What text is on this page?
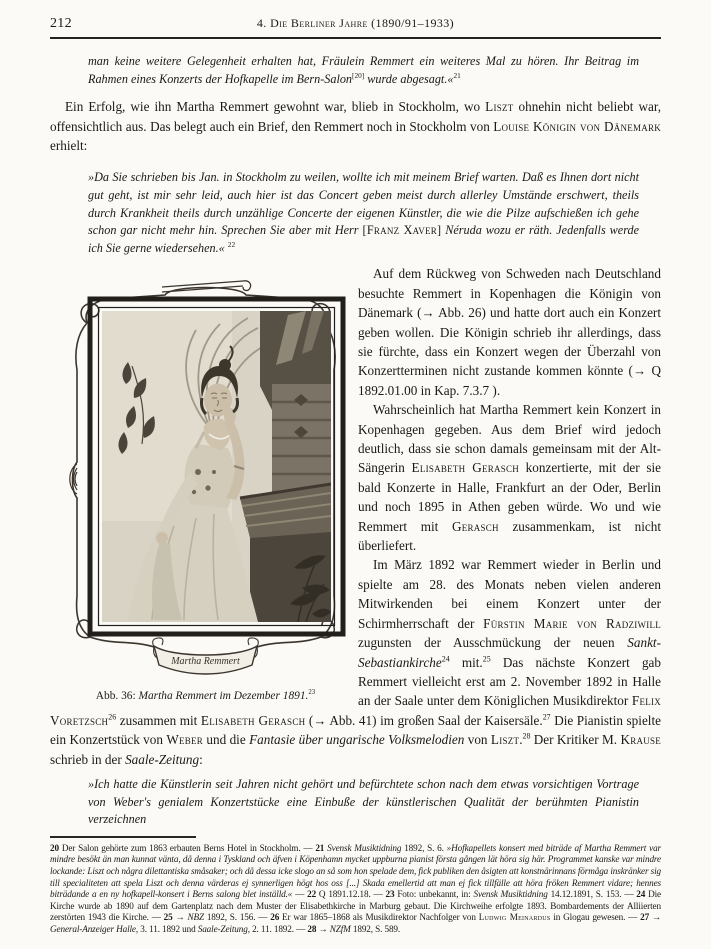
212	4. Die Berliner Jahre (1890/91–1933)

man keine weitere Gelegenheit erhalten hat, Fräulein Remmert ein weiteres Mal zu hören. Ihr Beitrag im Rahmen eines Konzerts der Hofkapelle im Bern-Salon[20] wurde abgesagt.«$^{21}$

Ein Erfolg, wie ihn Martha Remmert gewohnt war, blieb in Stockholm, wo Liszt ohnehin nicht beliebt war, offensichtlich aus. Das belegt auch ein Brief, den Remmert noch in Stockholm von Louise Königin von Dänemark erhielt:

»Da Sie schrieben bis Jan. in Stockholm zu weilen, wollte ich mit meinem Brief warten. Daß es Ihnen dort nicht gut geht, ist mir sehr leid, auch hier ist das Concert geben meist durch allerley Umstände erschwert, theils durch Krankheit theils durch unzählige Concerte der eigenen Künstler, die wie die Pilze aufschießen ich gehe schon gar nicht mehr hin. Sprechen Sie aber mit Herr [Franz Xaver] Néruda wozu er räth. Jedenfalls werde ich Sie gerne wiedersehen.« $^{22}$

Martha Remmert
Abb. 36: Martha Remmert im Dezember 1891.23

Auf dem Rückweg von Schweden nach Deutschland besuchte Remmert in Kopenhagen die Königin von Dänemark (→ Abb. 26) und hatte dort auch ein Konzert geben wollen. Die Königin schrieb ihr allerdings, dass sie fürchte, dass ein Konzert wegen der Überzahl von Konzertterminen nicht zustande kommen könnte (→ Q 1892.01.00 in Kap. 7.3.7 ).

Wahrscheinlich hat Martha Remmert kein Konzert in Kopenhagen gegeben. Aus dem Brief wird jedoch deutlich, dass sie schon damals gemeinsam mit der Alt-Sängerin Elisabeth Gerasch konzertierte, mit der sie bald Konzerte in Halle, Frankfurt an der Oder, Berlin und noch 1895 in Athen geben würde. Wo und wie Remmert mit Gerasch zusammenkam, ist nicht überliefert.

Im März 1892 war Remmert wieder in Berlin und spielte am 28. des Monats neben vielen anderen Mitwirkenden bei einem Konzert unter der Schirmherrschaft der Fürstin Marie von Radziwill zugunsten der Ausschmückung der neuen Sankt-Sebastiankirche$^{24}$ mit.$^{25}$ Das nächste Konzert gab Remmert vielleicht erst am 2. November 1892 in Halle an der Saale unter dem Königlichen Musikdirektor Felix Voretzsch$^{26}$ zusammen mit Elisabeth Gerasch (→ Abb. 41) im großen Saal der Kaisersäle.$^{27}$ Die Pianistin spielte ein Konzertstück von Weber und die Fantasie über ungarische Volksmelodien von Liszt.$^{28}$ Der Kritiker M. Krause schrieb in der Saale-Zeitung:

»Ich hatte die Künstlerin seit Jahren nicht gehört und befürchtete schon nach dem etwas vorsichtigen Vortrage von Weber's genialem Konzertstücke eine Einbuße der künstlerischen Qualität der berühmten Pianistin verzeichnen

20 Der Salon gehörte zum 1863 erbauten Berns Hotel in Stockholm. — 21 Svensk Musiktidning 1892, S. 6. »Hofkapellets konsert med biträde af Martha Remmert var mindre besökt än man kunnat vänta, då denna i Tyskland och äfven i Köpenhamn mycket uppburna pianist första gången lät höra sig här. Programmet kanske var mindre lockande: Liszt och några dilettantiska småsaker; och då dessa icke slogo an så som hon spelade dem, fick publiken den åsigten att konstnärinnans förmåga inskränker sig till specialiteten att spela Liszt och denna värderas ej synnerligen högt hos oss [...] Skada emellertid att man ej fick tillfälle att höra fröken Remmert vidare; hennes biträdande a en ny hofkapell-konsert i Berns salong blet inställd.« — 22 Q 1891.12.18. — 23 Foto: unbekannt, in: Svensk Musiktidning 14.12.1891, S. 153. — 24 Die Kirche wurde ab 1890 auf dem Gartenplatz nach dem Muster der Elisabethkirche in Marburg gebaut. Die Kirchweihe erfolgte 1893. Bombardements der Alliierten zerstörten 1943 die Kirche. — 25 → NBZ 1892, S. 156. — 26 Er war 1865–1868 als Musikdirektor Nachfolger von Ludwig Meinardus in Glogau gewesen. — 27 → General-Anzeiger Halle, 3. 11. 1892 und Saale-Zeitung, 2. 11. 1892. — 28 → NZfM 1892, S. 589.
